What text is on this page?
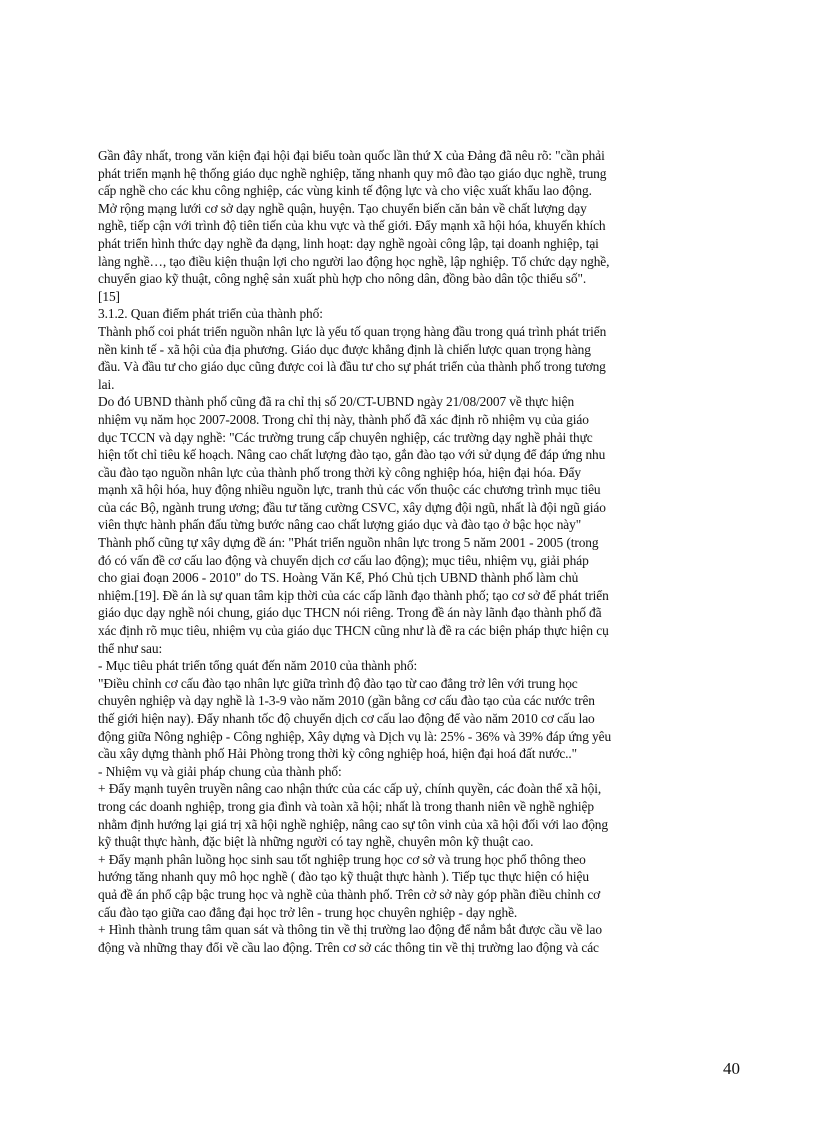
Gần đây nhất, trong văn kiện đại hội đại biểu toàn quốc lần thứ X của Đảng đã nêu rõ: "cần phải
phát triển mạnh hệ thống giáo dục nghề nghiệp, tăng nhanh quy mô đào tạo giáo dục nghề, trung
cấp nghề cho các khu công nghiệp, các vùng kinh tế động lực và cho việc xuất khẩu lao động.
Mở rộng mạng lưới cơ sở dạy nghề quận, huyện. Tạo chuyển biến căn bản về chất lượng dạy
nghề, tiếp cận với trình độ tiên tiến của khu vực và thế giới. Đẩy mạnh xã hội hóa, khuyến khích
phát triển hình thức dạy nghề đa dạng, linh hoạt: dạy nghề ngoài công lập, tại doanh nghiệp, tại
làng nghề…, tạo điều kiện thuận lợi cho người lao động học nghề, lập nghiệp. Tổ chức dạy nghề,
chuyển giao kỹ thuật, công nghệ sản xuất phù hợp cho nông dân, đồng bào dân tộc thiểu số".
[15]
3.1.2. Quan điểm phát triển của thành phố:
Thành phố coi phát triển nguồn nhân lực là yếu tố quan trọng hàng đầu trong quá trình phát triển
nền kinh tế - xã hội của địa phương. Giáo dục được khẳng định là chiến lược quan trọng hàng
đầu. Và đầu tư cho giáo dục cũng được coi là đầu tư cho sự phát triển của thành phố trong tương
lai.
Do đó UBND thành phố cũng đã ra chỉ thị số 20/CT-UBND ngày 21/08/2007 về thực hiện
nhiệm vụ năm học 2007-2008. Trong chỉ thị này, thành phố đã xác định rõ nhiệm vụ của giáo
dục TCCN và dạy nghề: "Các trường trung cấp chuyên nghiệp, các trường dạy nghề phải thực
hiện tốt chỉ tiêu kế hoạch. Nâng cao chất lượng đào tạo, gắn đào tạo với sử dụng để đáp ứng nhu
cầu đào tạo nguồn nhân lực của thành phố trong thời kỳ công nghiệp hóa, hiện đại hóa. Đẩy
mạnh xã hội hóa, huy động nhiều nguồn lực, tranh thủ các vốn thuộc các chương trình mục tiêu
của các Bộ, ngành trung ương; đầu tư tăng cường CSVC, xây dựng đội ngũ, nhất là đội ngũ giáo
viên thực hành phấn đấu từng bước nâng cao chất lượng giáo dục và đào tạo ở bậc học này"
Thành phố cũng tự xây dựng đề án: "Phát triển nguồn nhân lực trong 5 năm 2001 - 2005 (trong
đó có vấn đề cơ cấu lao động và chuyển dịch cơ cấu lao động); mục tiêu, nhiệm vụ, giải pháp
cho giai đoạn 2006 - 2010" do TS. Hoàng Văn Kể, Phó Chủ tịch UBND thành phố làm chủ
nhiệm.[19]. Đề án là sự quan tâm kịp thời của các cấp lãnh đạo thành phố; tạo cơ sở để phát triển
giáo dục dạy nghề nói chung, giáo dục THCN nói riêng. Trong đề án này lãnh đạo thành phố đã
xác định rõ mục tiêu, nhiệm vụ của giáo dục THCN cũng như là đề ra các biện pháp thực hiện cụ
thể như sau:
- Mục tiêu phát triển tổng quát đến năm 2010 của thành phố:
"Điều chỉnh cơ cấu đào tạo nhân lực giữa trình độ đào tạo từ cao đẳng trở lên với trung học
chuyên nghiệp và dạy nghề là 1-3-9 vào năm 2010 (gần bằng cơ cấu đào tạo của các nước trên
thế giới hiện nay). Đẩy nhanh tốc độ chuyển dịch cơ cấu lao động để vào năm 2010 cơ cấu lao
động giữa Nông nghiệp - Công nghiệp, Xây dựng và Dịch vụ là: 25% - 36% và 39% đáp ứng yêu
cầu xây dựng thành phố Hải Phòng trong thời kỳ công nghiệp hoá, hiện đại hoá đất nước.."
- Nhiệm vụ và giải pháp chung của thành phố:
+ Đẩy mạnh tuyên truyền nâng cao nhận thức của các cấp uỷ, chính quyền, các đoàn thể xã hội,
trong các doanh nghiệp, trong gia đình và toàn xã hội; nhất là trong thanh niên về nghề nghiệp
nhằm định hướng lại giá trị xã hội nghề nghiệp, nâng cao sự tôn vinh của xã hội đối với lao động
kỹ thuật thực hành, đặc biệt là những người có tay nghề, chuyên môn kỹ thuật cao.
+ Đẩy mạnh phân luồng học sinh sau tốt nghiệp trung học cơ sở và trung học phổ thông theo
hướng tăng nhanh quy mô học nghề ( đào tạo kỹ thuật thực hành ). Tiếp tục thực hiện có hiệu
quả đề án phổ cập bậc trung học và nghề của thành phố. Trên cở sở này góp phần điều chỉnh cơ
cấu đào tạo giữa cao đẳng đại học trở lên - trung học chuyên nghiệp - dạy nghề.
+ Hình thành trung tâm quan sát và thông tin về thị trường lao động để nắm bắt được cầu về lao
động và những thay đổi về cầu lao động. Trên cơ sở các thông tin về thị trường lao động và các
40
